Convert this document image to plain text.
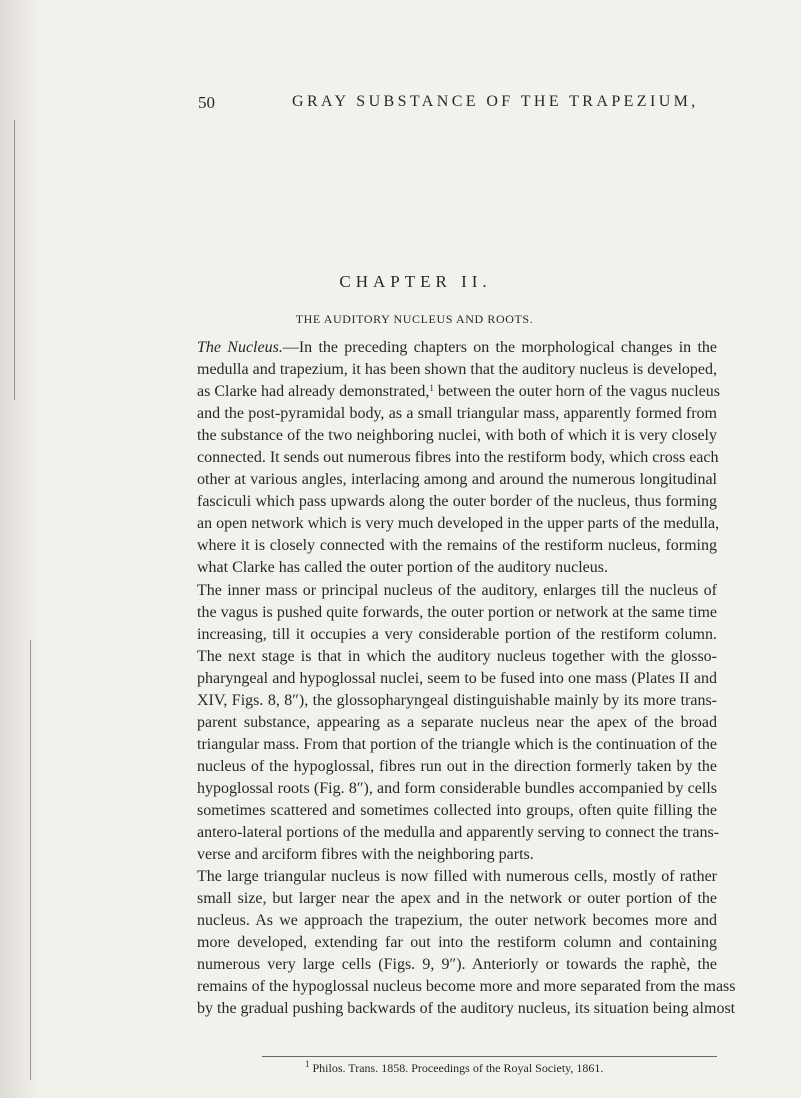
50	GRAY SUBSTANCE OF THE TRAPEZIUM,
CHAPTER II.
THE AUDITORY NUCLEUS AND ROOTS.
The Nucleus.—In the preceding chapters on the morphological changes in the
medulla and trapezium, it has been shown that the auditory nucleus is developed,
as Clarke had already demonstrated,$^1$ between the outer horn of the vagus nucleus
and the post-pyramidal body, as a small triangular mass, apparently formed from
the substance of the two neighboring nuclei, with both of which it is very closely
connected. It sends out numerous fibres into the restiform body, which cross each
other at various angles, interlacing among and around the numerous longitudinal
fasciculi which pass upwards along the outer border of the nucleus, thus forming
an open network which is very much developed in the upper parts of the medulla,
where it is closely connected with the remains of the restiform nucleus, forming
what Clarke has called the outer portion of the auditory nucleus.
The inner mass or principal nucleus of the auditory, enlarges till the nucleus of
the vagus is pushed quite forwards, the outer portion or network at the same time
increasing, till it occupies a very considerable portion of the restiform column.
The next stage is that in which the auditory nucleus together with the glosso-
pharyngeal and hypoglossal nuclei, seem to be fused into one mass (Plates II and
XIV, Figs. 8, 8″), the glossopharyngeal distinguishable mainly by its more trans-
parent substance, appearing as a separate nucleus near the apex of the broad
triangular mass. From that portion of the triangle which is the continuation of the
nucleus of the hypoglossal, fibres run out in the direction formerly taken by the
hypoglossal roots (Fig. 8″), and form considerable bundles accompanied by cells
sometimes scattered and sometimes collected into groups, often quite filling the
antero-lateral portions of the medulla and apparently serving to connect the trans-
verse and arciform fibres with the neighboring parts.
The large triangular nucleus is now filled with numerous cells, mostly of rather
small size, but larger near the apex and in the network or outer portion of the
nucleus. As we approach the trapezium, the outer network becomes more and
more developed, extending far out into the restiform column and containing
numerous very large cells (Figs. 9, 9″). Anteriorly or towards the raphè, the
remains of the hypoglossal nucleus become more and more separated from the mass
by the gradual pushing backwards of the auditory nucleus, its situation being almost
$^1$ Philos. Trans. 1858. Proceedings of the Royal Society, 1861.
